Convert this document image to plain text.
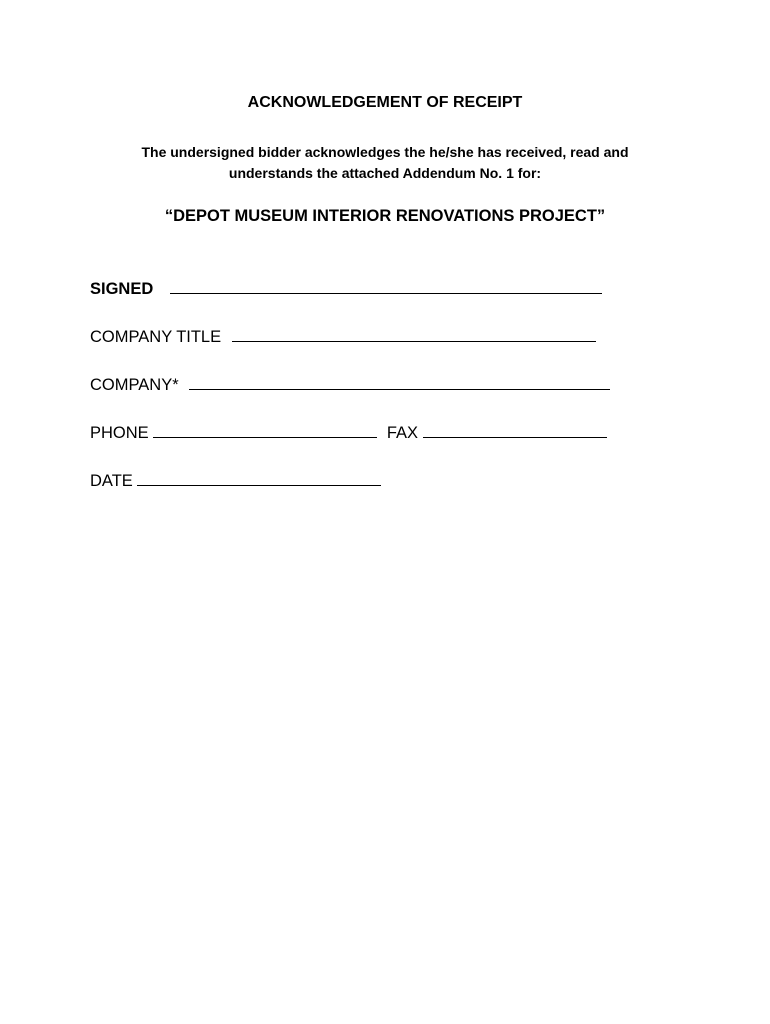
ACKNOWLEDGEMENT OF RECEIPT
The undersigned bidder acknowledges the he/she has received, read and
understands the attached Addendum No. 1 for:
“DEPOT MUSEUM INTERIOR RENOVATIONS PROJECT”
SIGNED
COMPANY TITLE
COMPANY*
PHONE	FAX
DATE
